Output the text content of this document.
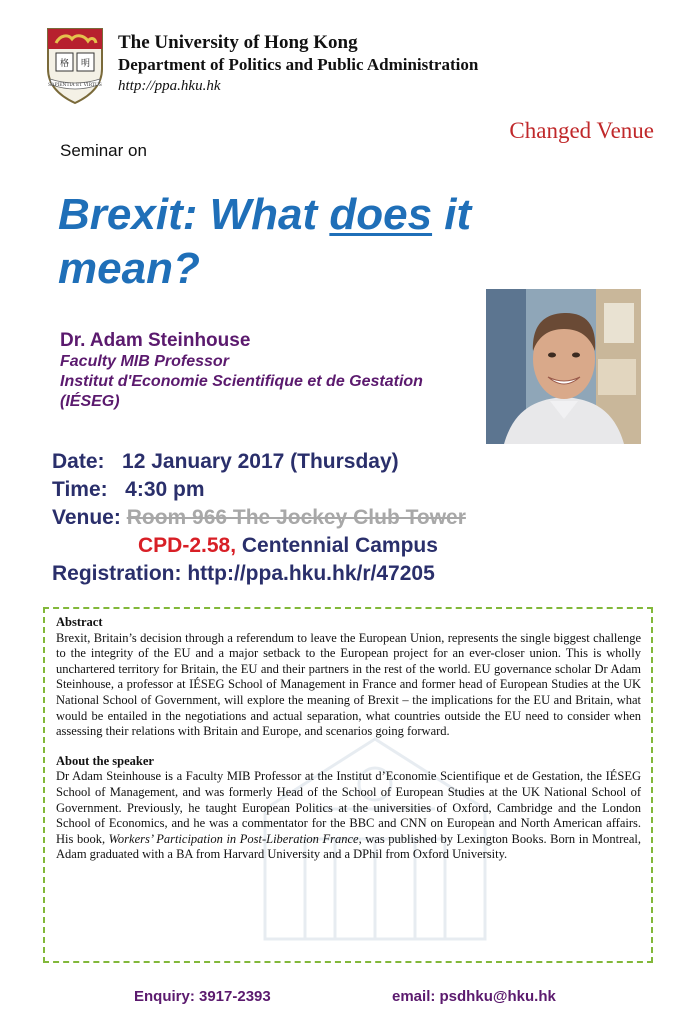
格 明
SAPIENTIA ET VIRTUS
The University of Hong Kong
Department of Politics and Public Administration
http://ppa.hku.hk
Changed Venue
Seminar on
Brexit: What does it mean?
Dr. Adam Steinhouse
Faculty MIB Professor
Institut d'Economie Scientifique et de Gestation
(IÉSEG)
Date: 12 January 2017 (Thursday)
Time: 4:30 pm
Venue: Room 966 The Jockey Club Tower
CPD-2.58, Centennial Campus
Registration: http://ppa.hku.hk/r/47205
Abstract
Brexit, Britain’s decision through a referendum to leave the European Union, represents the single biggest challenge to the integrity of the EU and a major setback to the European project for an ever-closer union. This is wholly unchartered territory for Britain, the EU and their partners in the rest of the world. EU governance scholar Dr Adam Steinhouse, a professor at IÉSEG School of Management in France and former head of European Studies at the UK National School of Government, will explore the meaning of Brexit – the implications for the EU and Britain, what would be entailed in the negotiations and actual separation, what countries outside the EU need to consider when assessing their relations with Britain and Europe, and scenarios going forward.
About the speaker
Dr Adam Steinhouse is a Faculty MIB Professor at the Institut d’Economie Scientifique et de Gestation, the IÉSEG School of Management, and was formerly Head of the School of European Studies at the UK National School of Government. Previously, he taught European Politics at the universities of Oxford, Cambridge and the London School of Economics, and he was a commentator for the BBC and CNN on European and North American affairs. His book, Workers’ Participation in Post-Liberation France, was published by Lexington Books. Born in Montreal, Adam graduated with a BA from Harvard University and a DPhil from Oxford University.
Enquiry: 3917-2393	email: psdhku@hku.hk
